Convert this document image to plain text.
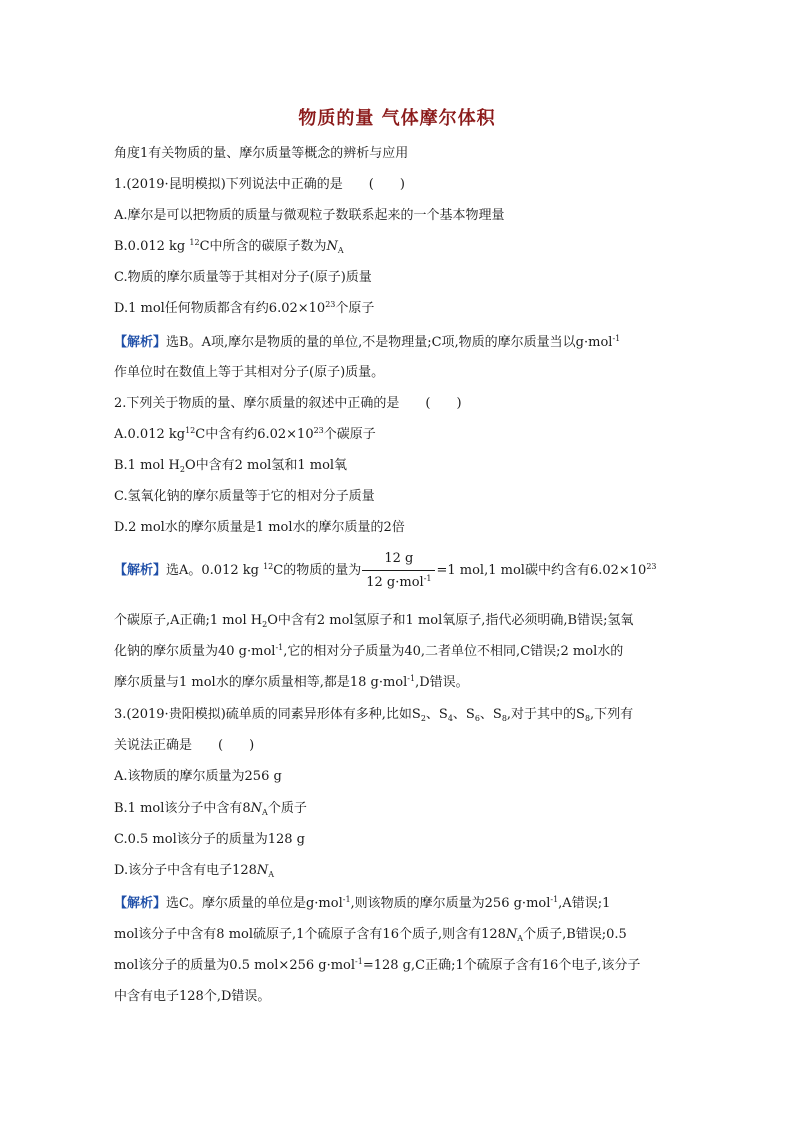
物质的量 气体摩尔体积
角度1有关物质的量、摩尔质量等概念的辨析与应用
1.(2019·昆明模拟)下列说法中正确的是　　(　　)
A.摩尔是可以把物质的质量与微观粒子数联系起来的一个基本物理量
B.0.012 kg $^{12}$C中所含的碳原子数为$N_A$
C.物质的摩尔质量等于其相对分子(原子)质量
D.1 mol任何物质都含有约$6.02\times 10^{23}$个原子
【解析】选B。A项,摩尔是物质的量的单位,不是物理量;C项,物质的摩尔质量当以g·mol$^{-1}$
作单位时在数值上等于其相对分子(原子)质量。
2.下列关于物质的量、摩尔质量的叙述中正确的是　　(　　)
A.0.012 $kg^{12}C$中含有约$6.02\times 10^{23}$个碳原子
B.1 mol $H_2O$中含有2 mol氢和1 mol氧
C.氢氧化钠的摩尔质量等于它的相对分子质量
D.2 mol水的摩尔质量是1 mol水的摩尔质量的2倍
【解析】选A。0.012 kg $^{12}$C的物质的量为 $\frac{12 g}{12 g\cdot mol^{-1}} =1$ mol,1 mol碳中约含有$6.02\times 10^{23}$
个碳原子,A正确;1 mol $H_2O$中含有2 mol氢原子和1 mol氧原子,指代必须明确,B错误;氢氧
化钠的摩尔质量为40 g·mol$^{-1}$,它的相对分子质量为40,二者单位不相同,C错误;2 mol水的
摩尔质量与1 mol水的摩尔质量相等,都是18 g·mol$^{-1}$,D错误。
3.(2019·贵阳模拟)硫单质的同素异形体有多种,比如$S_2$、$S_4$、$S_6$、$S_8$,对于其中的$S_8$,下列有
关说法正确是　　(　　)
A.该物质的摩尔质量为256 g
B.1 mol该分子中含有$8N_A$个质子
C.0.5 mol该分子的质量为128 g
D.该分子中含有电子$128N_A$
【解析】选C。摩尔质量的单位是g·mol$^{-1}$,则该物质的摩尔质量为256 g·mol$^{-1}$,A错误;1
mol该分子中含有8 mol硫原子,1个硫原子含有16个质子,则含有$128N_A$个质子,B错误;0.5
mol该分子的质量为0.5 mol×256 g·mol$^{-1}$=128 g,C正确;1个硫原子含有16个电子,该分子
中含有电子128个,D错误。
